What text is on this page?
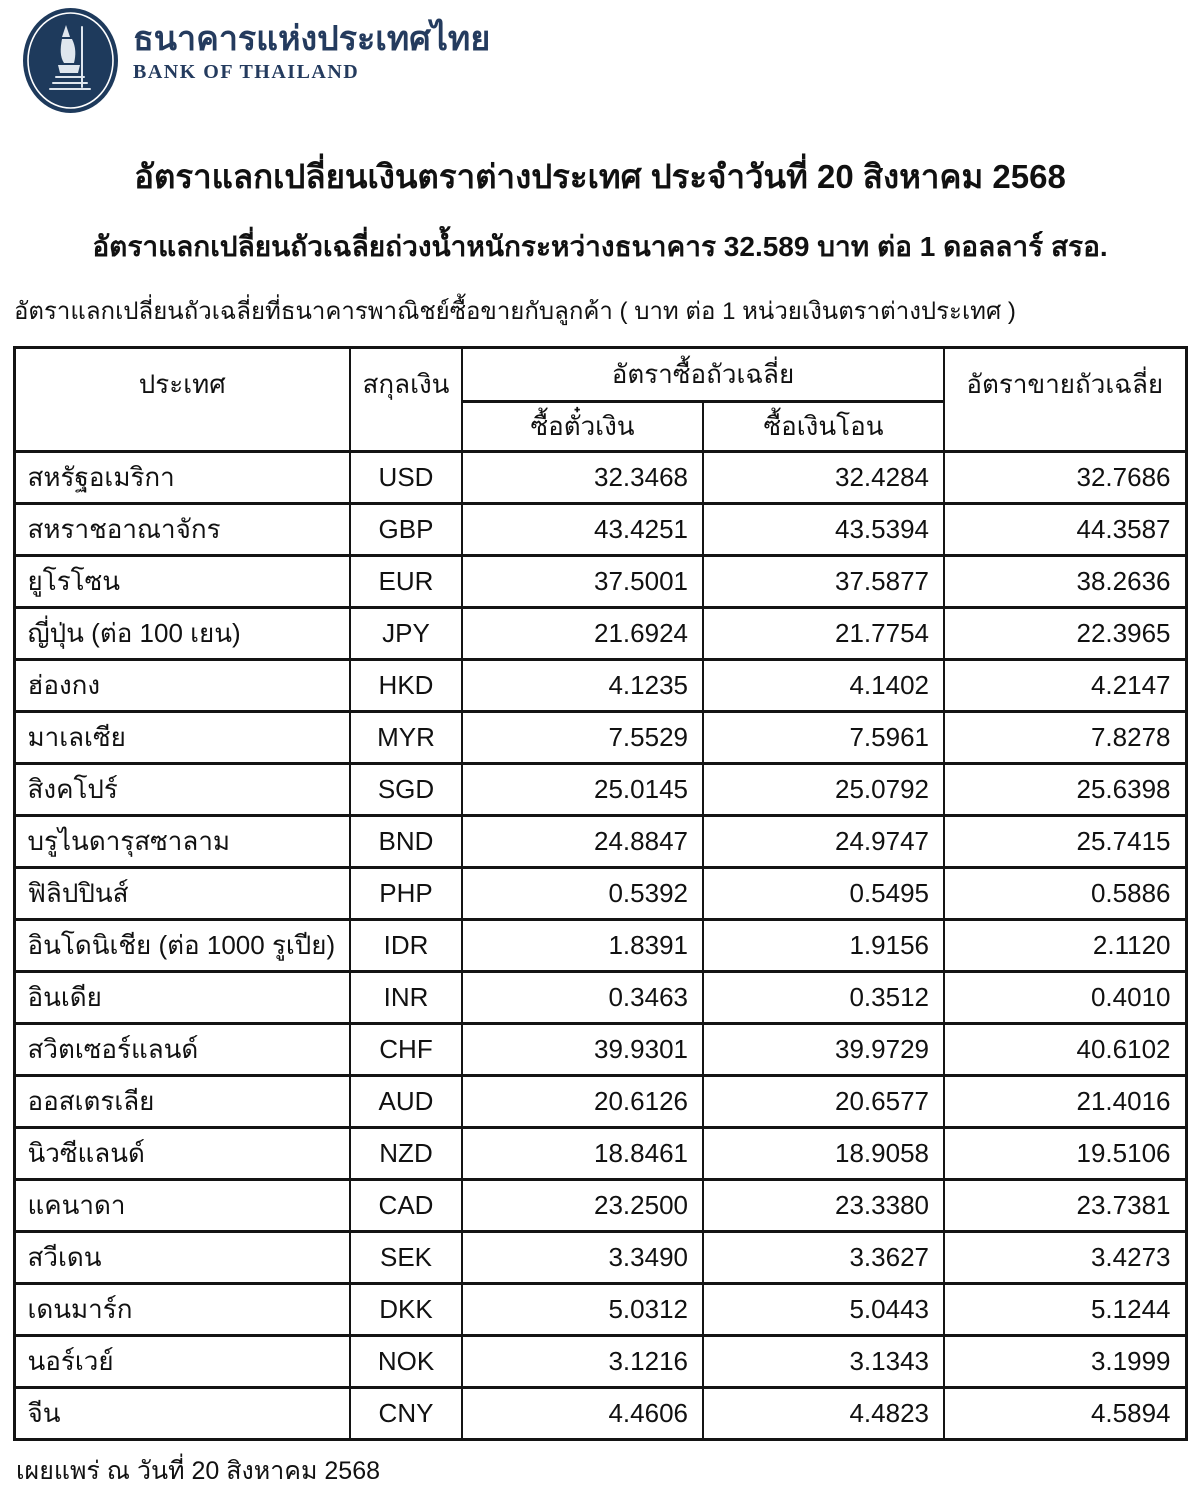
ธนาคารแห่งประเทศไทย
BANK OF THAILAND
อัตราแลกเปลี่ยนเงินตราต่างประเทศ ประจำวันที่ 20 สิงหาคม 2568
อัตราแลกเปลี่ยนถัวเฉลี่ยถ่วงน้ำหนักระหว่างธนาคาร 32.589 บาท ต่อ 1 ดอลลาร์ สรอ.
อัตราแลกเปลี่ยนถัวเฉลี่ยที่ธนาคารพาณิชย์ซื้อขายกับลูกค้า ( บาท ต่อ 1 หน่วยเงินตราต่างประเทศ )
ประเทศ	สกุลเงิน	อัตราซื้อถัวเฉลี่ย		อัตราขายถัวเฉลี่ย
		ซื้อตั๋วเงิน	ซื้อเงินโอน	
สหรัฐอเมริกา	USD	32.3468	32.4284	32.7686
สหราชอาณาจักร	GBP	43.4251	43.5394	44.3587
ยูโรโซน	EUR	37.5001	37.5877	38.2636
ญี่ปุ่น (ต่อ 100 เยน)	JPY	21.6924	21.7754	22.3965
ฮ่องกง	HKD	4.1235	4.1402	4.2147
มาเลเซีย	MYR	7.5529	7.5961	7.8278
สิงคโปร์	SGD	25.0145	25.0792	25.6398
บรูไนดารุสซาลาม	BND	24.8847	24.9747	25.7415
ฟิลิปปินส์	PHP	0.5392	0.5495	0.5886
อินโดนิเชีย (ต่อ 1000 รูเปีย)	IDR	1.8391	1.9156	2.1120
อินเดีย	INR	0.3463	0.3512	0.4010
สวิตเซอร์แลนด์	CHF	39.9301	39.9729	40.6102
ออสเตรเลีย	AUD	20.6126	20.6577	21.4016
นิวซีแลนด์	NZD	18.8461	18.9058	19.5106
แคนาดา	CAD	23.2500	23.3380	23.7381
สวีเดน	SEK	3.3490	3.3627	3.4273
เดนมาร์ก	DKK	5.0312	5.0443	5.1244
นอร์เวย์	NOK	3.1216	3.1343	3.1999
จีน	CNY	4.4606	4.4823	4.5894
เผยแพร่ ณ วันที่ 20 สิงหาคม 2568
